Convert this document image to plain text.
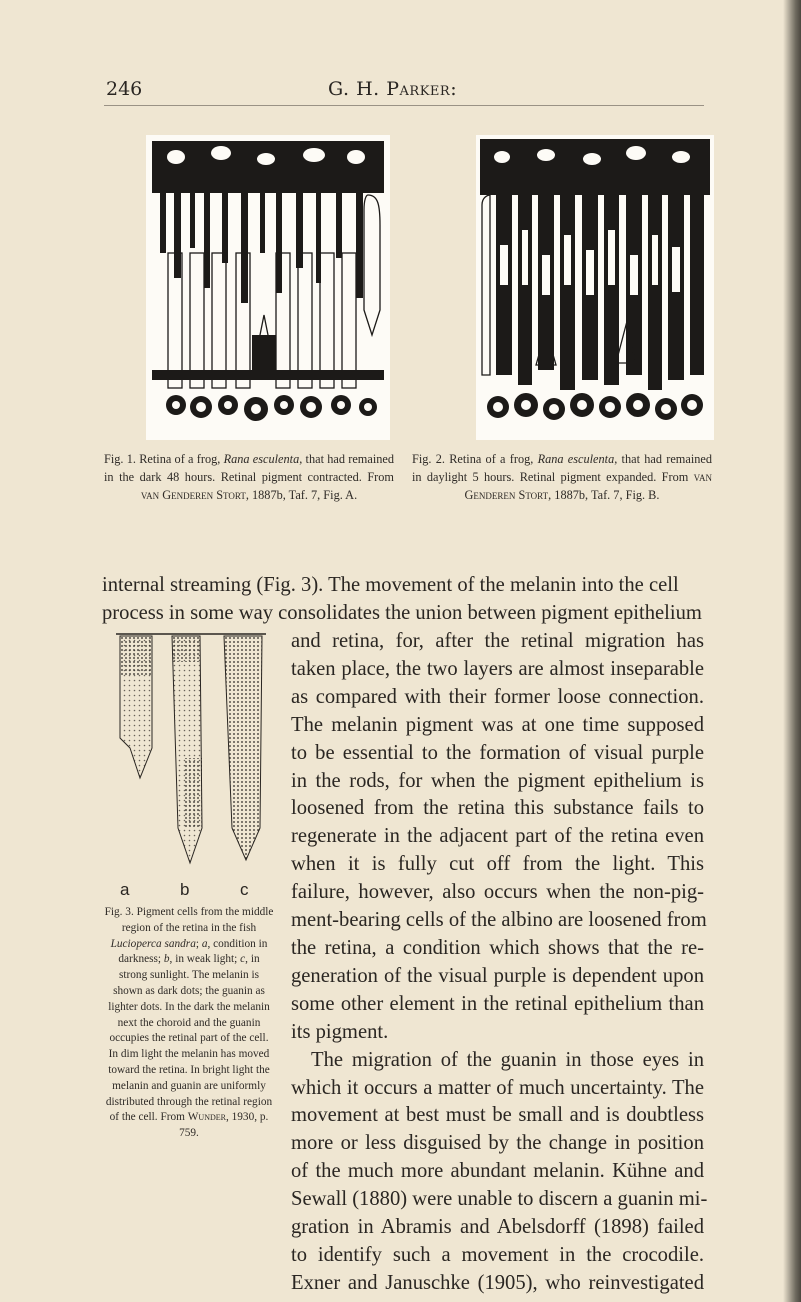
246	G. H. Parker:
Fig. 1. Retina of a frog, Rana esculenta, that had remained in the dark 48 hours. Retinal pigment contracted. From van Genderen Stort, 1887b, Taf. 7, Fig. A.
Fig. 2. Retina of a frog, Rana esculenta, that had remained in daylight 5 hours. Retinal pigment expanded. From van Genderen Stort, 1887b, Taf. 7, Fig. B.
internal streaming (Fig. 3). The movement of the melanin into the cell
process in some way consolidates the union between pigment epithelium
a	b	c
Fig. 3. Pigment cells from the middle region of the retina in the fish Lucioperca sandra; a, condition in darkness; b, in weak light; c, in strong sunlight. The melanin is shown as dark dots; the guanin as lighter dots. In the dark the melanin next the choroid and the guanin occupies the retinal part of the cell. In dim light the melanin has moved toward the retina. In bright light the melanin and guanin are uniformly distributed through the retinal region of the cell. From Wunder, 1930, p. 759.
and retina, for, after the retinal migration has
taken place, the two layers are almost inseparable
as compared with their former loose connection.
The melanin pigment was at one time supposed
to be essential to the formation of visual purple
in the rods, for when the pigment epithelium is
loosened from the retina this substance fails to
regenerate in the adjacent part of the retina even
when it is fully cut off from the light. This
failure, however, also occurs when the non-pig-
ment-bearing cells of the albino are loosened from
the retina, a condition which shows that the re-
generation of the visual purple is dependent upon
some other element in the retinal epithelium than
its pigment.
The migration of the guanin in those eyes in
which it occurs a matter of much uncertainty. The
movement at best must be small and is doubtless
more or less disguised by the change in position
of the much more abundant melanin. Kühne and
Sewall (1880) were unable to discern a guanin mi-
gration in Abramis and Abelsdorff (1898) failed
to identify such a movement in the crocodile.
Exner and Januschke (1905), who reinvestigated
